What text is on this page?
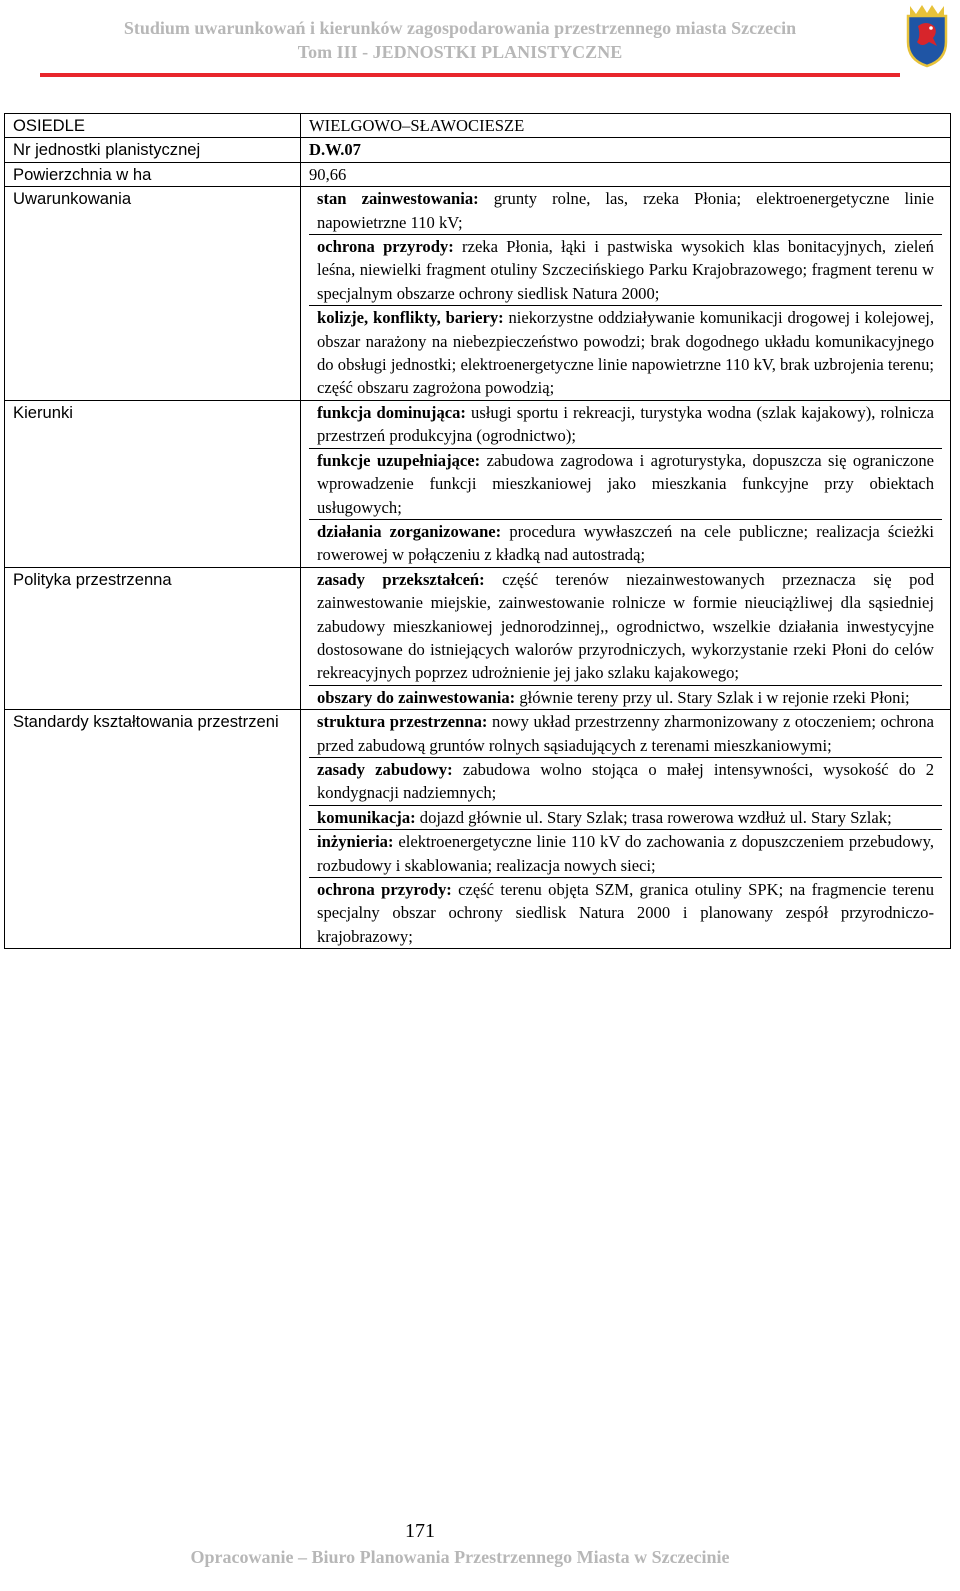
Studium uwarunkowań i kierunków zagospodarowania przestrzennego miasta Szczecin
Tom III - JEDNOSTKI PLANISTYCZNE
OSIEDLE	WIELGOWO–SŁAWOCIESZE
Nr jednostki planistycznej	D.W.07
Powierzchnia w ha	90,66
Uwarunkowania	stan zainwestowania: grunty rolne, las, rzeka Płonia; elektroenergetyczne linie napowietrzne 110 kV;
ochrona przyrody: rzeka Płonia, łąki i pastwiska wysokich klas bonitacyjnych, zieleń leśna, niewielki fragment otuliny Szczecińskiego Parku Krajobrazowego; fragment terenu w specjalnym obszarze ochrony siedlisk Natura 2000;
kolizje, konflikty, bariery: niekorzystne oddziaływanie komunikacji drogowej i kolejowej, obszar narażony na niebezpieczeństwo powodzi; brak dogodnego układu komunikacyjnego do obsługi jednostki; elektroenergetyczne linie napowietrzne 110 kV, brak uzbrojenia terenu; część obszaru zagrożona powodzią;

Kierunki	funkcja dominująca: usługi sportu i rekreacji, turystyka wodna (szlak kajakowy), rolnicza przestrzeń produkcyjna (ogrodnictwo);
funkcje uzupełniające: zabudowa zagrodowa i agroturystyka, dopuszcza się ograniczone wprowadzenie funkcji mieszkaniowej jako mieszkania funkcyjne przy obiektach usługowych;
działania zorganizowane: procedura wywłaszczeń na cele publiczne; realizacja ścieżki rowerowej w połączeniu z kładką nad autostradą;

Polityka przestrzenna	zasady przekształceń: część terenów niezainwestowanych przeznacza się pod zainwestowanie miejskie, zainwestowanie rolnicze w formie nieuciążliwej dla sąsiedniej zabudowy mieszkaniowej jednorodzinnej,, ogrodnictwo, wszelkie działania inwestycyjne dostosowane do istniejących walorów przyrodniczych, wykorzystanie rzeki Płoni do celów rekreacyjnych poprzez udrożnienie jej jako szlaku kajakowego;
obszary do zainwestowania: głównie tereny przy ul. Stary Szlak i w rejonie rzeki Płoni;

Standardy kształtowania przestrzeni	struktura przestrzenna: nowy układ przestrzenny zharmonizowany z otoczeniem; ochrona przed zabudową gruntów rolnych sąsiadujących z terenami mieszkaniowymi;
zasady zabudowy: zabudowa wolno stojąca o małej intensywności, wysokość do 2 kondygnacji nadziemnych;
komunikacja: dojazd głównie ul. Stary Szlak; trasa rowerowa wzdłuż ul. Stary Szlak;
inżynieria: elektroenergetyczne linie 110 kV do zachowania z dopuszczeniem przebudowy, rozbudowy i skablowania; realizacja nowych sieci;
ochrona przyrody: część terenu objęta SZM, granica otuliny SPK; na fragmencie terenu specjalny obszar ochrony siedlisk Natura 2000 i planowany zespół przyrodniczo-krajobrazowy;
171
Opracowanie – Biuro Planowania Przestrzennego Miasta w Szczecinie
